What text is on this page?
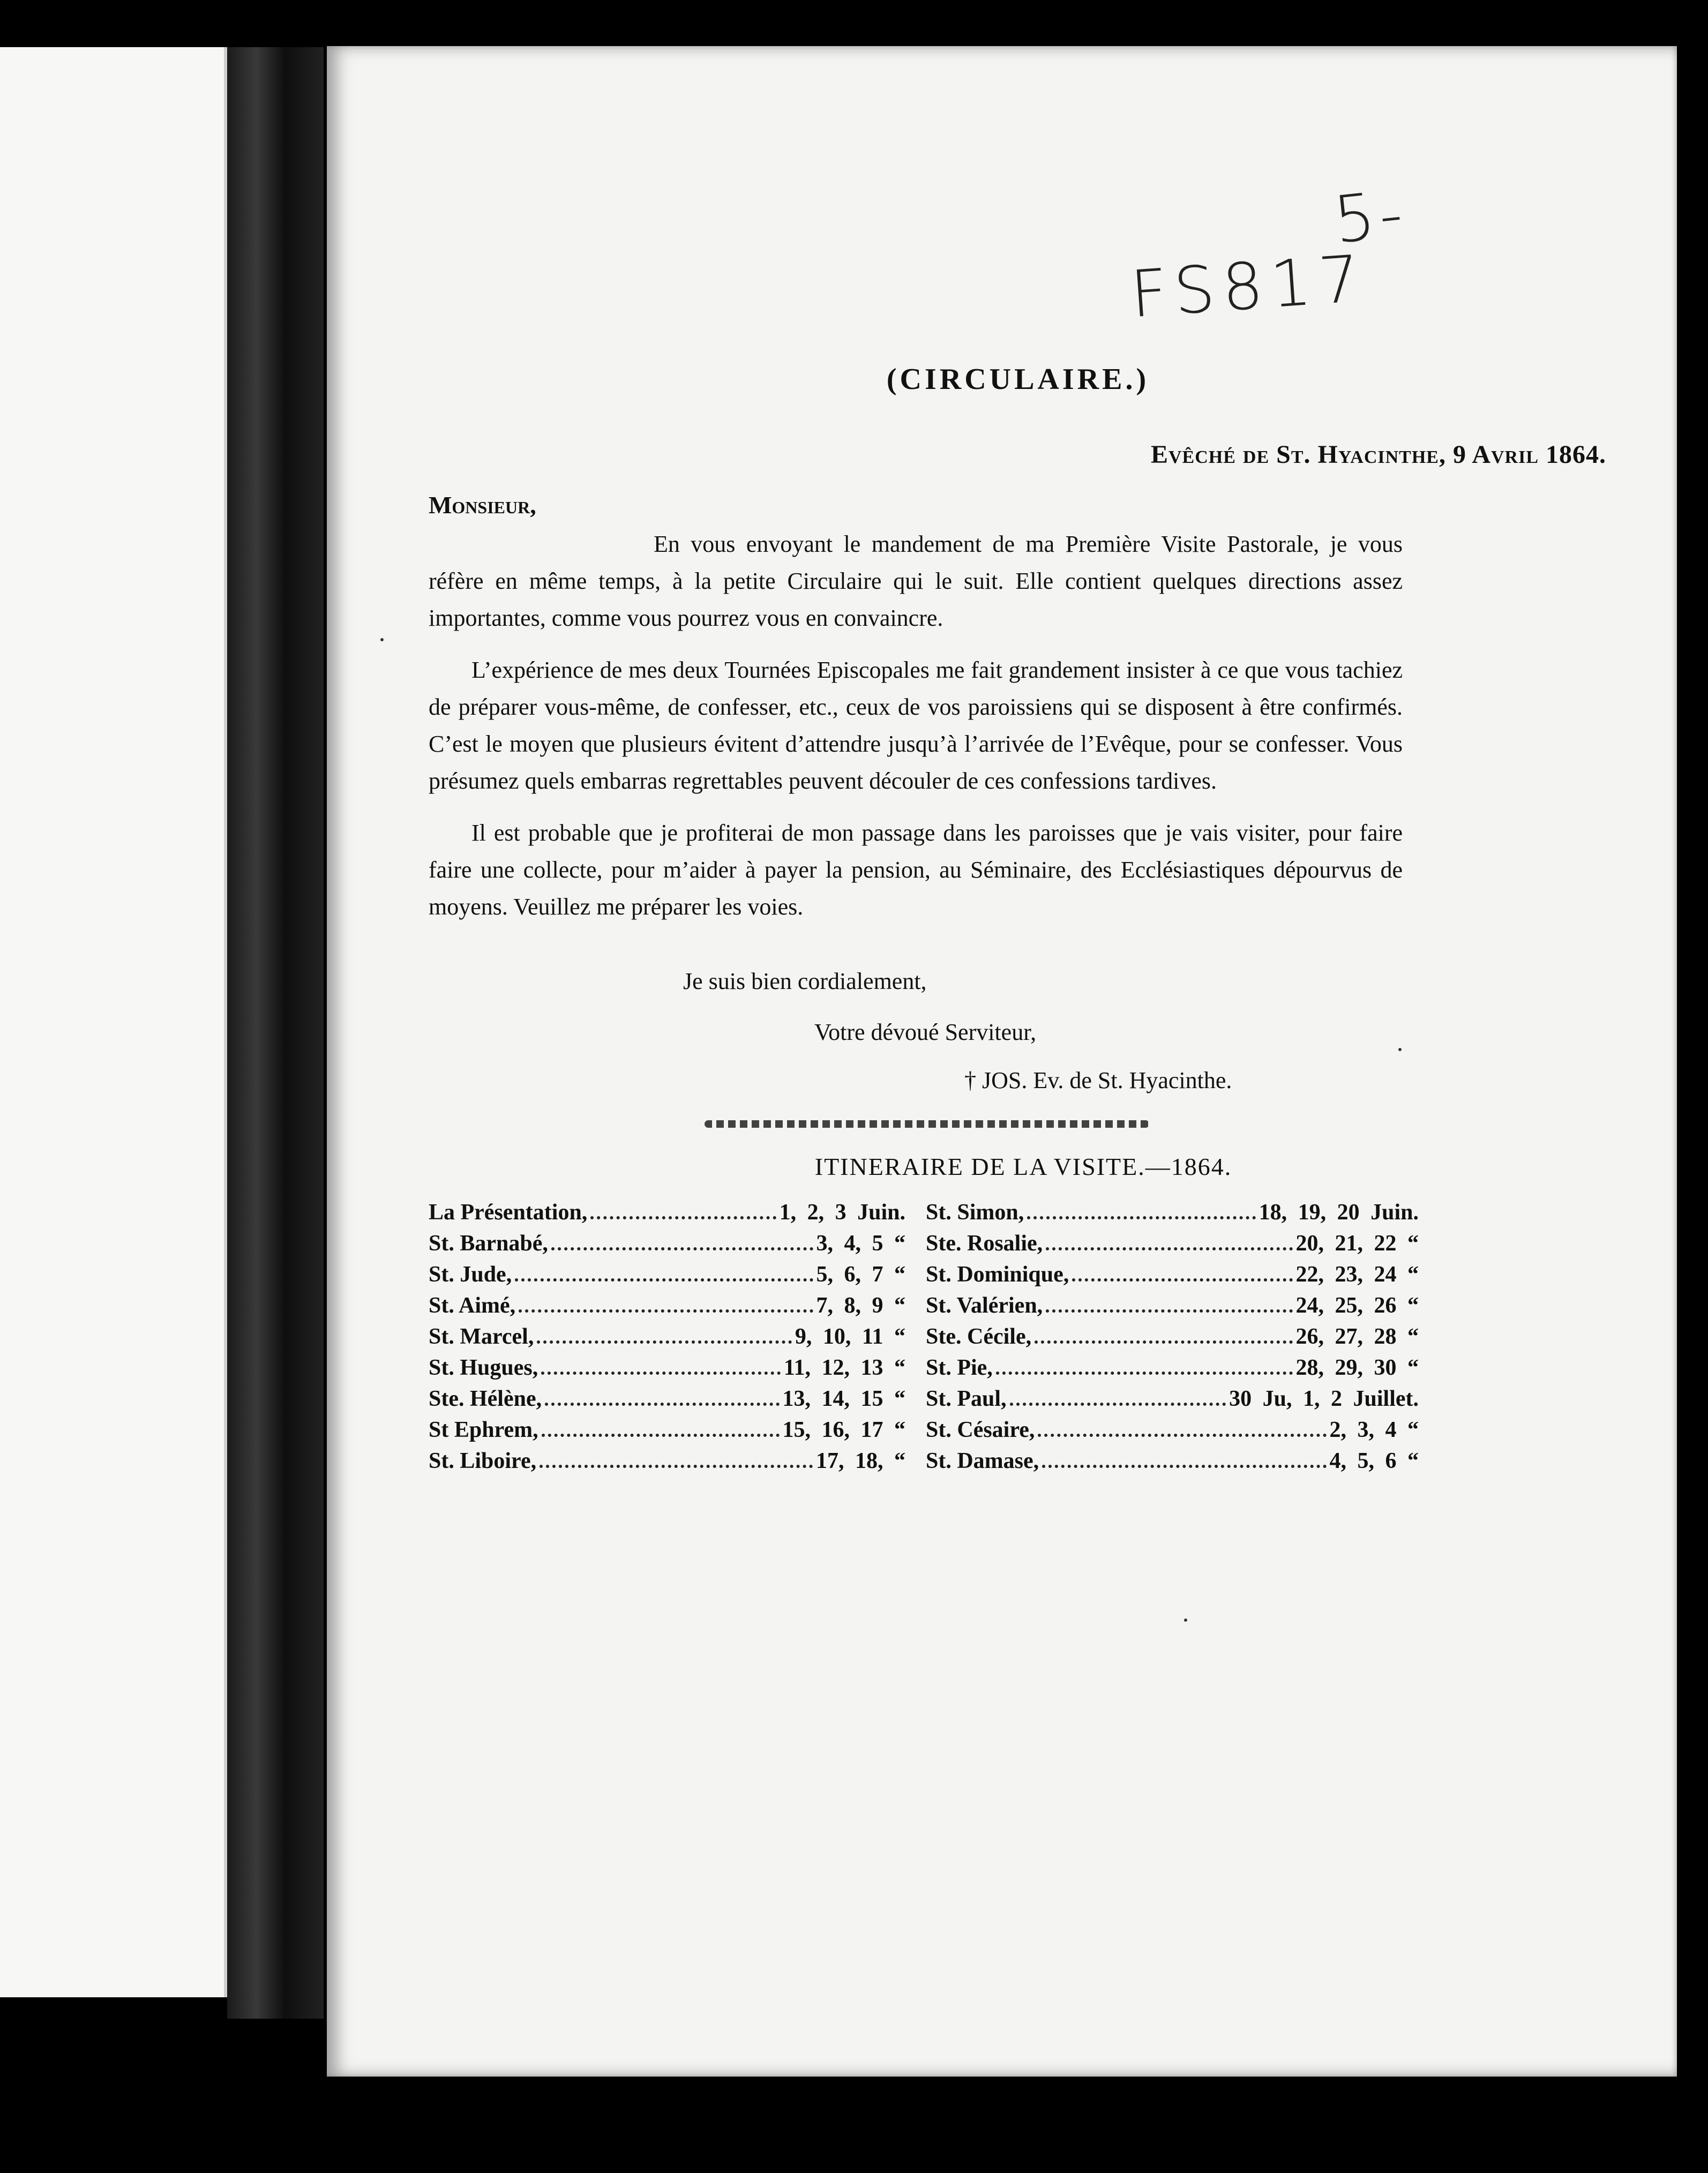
5-
FS817
(CIRCULAIRE.)
Evêché de St. Hyacinthe, 9 Avril 1864.
Monsieur,

En vous envoyant le mandement de ma Première Visite Pastorale, je vous réfère en même temps, à la petite Circulaire qui le suit. Elle contient quelques directions assez importantes, comme vous pourrez vous en convaincre.

L’expérience de mes deux Tournées Episcopales me fait grandement insister à ce que vous tachiez de préparer vous-même, de confesser, etc., ceux de vos paroissiens qui se disposent à être confirmés. C’est le moyen que plusieurs évitent d’attendre jusqu’à l’arrivée de l’Evêque, pour se confesser. Vous présumez quels embarras regrettables peuvent découler de ces confessions tardives.

Il est probable que je profiterai de mon passage dans les paroisses que je vais visiter, pour faire faire une collecte, pour m’aider à payer la pension, au Séminaire, des Ecclésiastiques dépourvus de moyens. Veuillez me préparer les voies.

Je suis bien cordialement,
Votre dévoué Serviteur,
† JOS. Ev. de St. Hyacinthe.
ITINERAIRE DE LA VISITE.—1864.
La Présentation,	1, 2, 3 Juin.
St. Barnabé,	3, 4, 5 “
St. Jude,	5, 6, 7 “
St. Aimé,	7, 8, 9 “
St. Marcel,	9, 10, 11 “
St. Hugues,	11, 12, 13 “
Ste. Hélène,	13, 14, 15 “
St Ephrem,	15, 16, 17 “
St. Liboire,	17, 18, “
St. Simon,	18, 19, 20 Juin.
Ste. Rosalie,	20, 21, 22 “
St. Dominique,	22, 23, 24 “
St. Valérien,	24, 25, 26 “
Ste. Cécile,	26, 27, 28 “
St. Pie,	28, 29, 30 “
St. Paul,	30 Ju, 1, 2 Juillet.
St. Césaire,	2, 3, 4 “
St. Damase,	4, 5, 6 “
